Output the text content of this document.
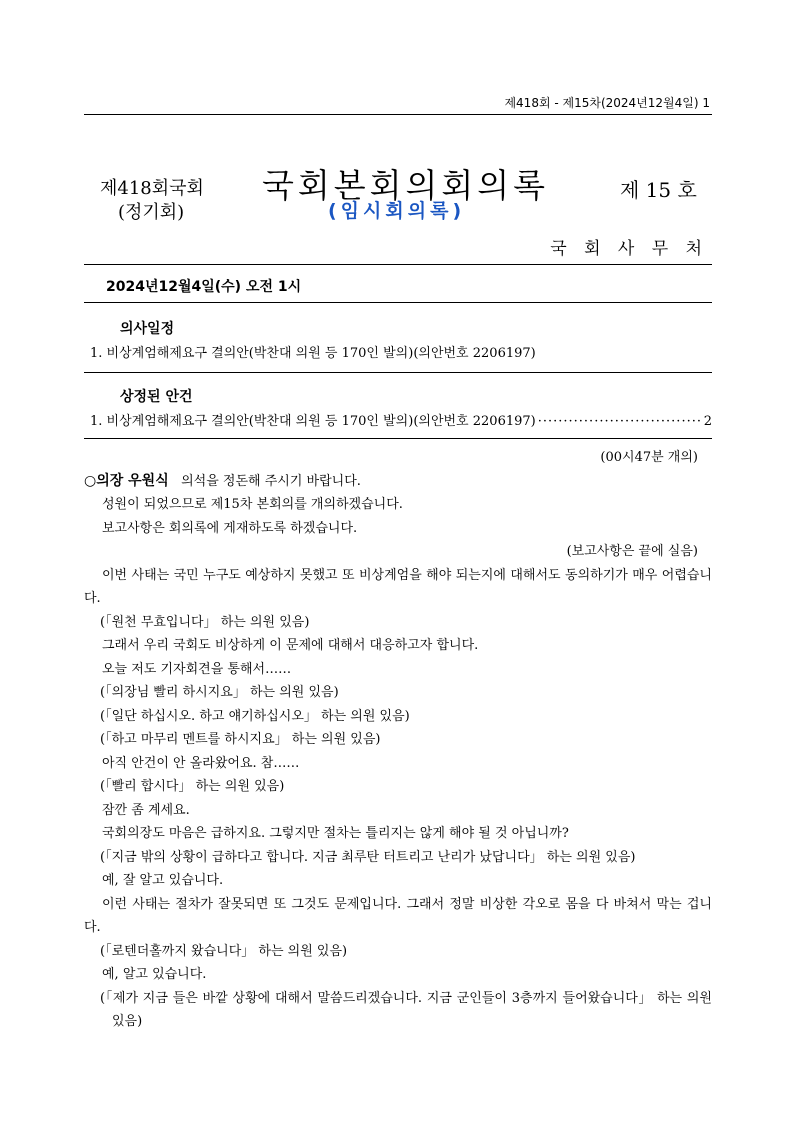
제418회 - 제15차(2024년12월4일) 1
제418회국회
(정기회)
국회본회의회의록
(임시회의록)
제 15 호
국 회 사 무 처
2024년12월4일(수) 오전 1시
의사일정
1. 비상계엄해제요구 결의안(박찬대 의원 등 170인 발의)(의안번호 2206197)
상정된 안건
1. 비상계엄해제요구 결의안(박찬대 의원 등 170인 발의)(의안번호 2206197)
·····	2

(00시47분 개의)

○의장 우원식 의석을 정돈해 주시기 바랍니다.

성원이 되었으므로 제15차 본회의를 개의하겠습니다.

보고사항은 회의록에 게재하도록 하겠습니다.

(보고사항은 끝에 실음)

이번 사태는 국민 누구도 예상하지 못했고 또 비상계엄을 해야 되는지에 대해서도 동의하기가 매우 어렵습니다.

(「원천 무효입니다」 하는 의원 있음)

그래서 우리 국회도 비상하게 이 문제에 대해서 대응하고자 합니다.

오늘 저도 기자회견을 통해서……

(「의장님 빨리 하시지요」 하는 의원 있음)

(「일단 하십시오. 하고 얘기하십시오」 하는 의원 있음)

(「하고 마무리 멘트를 하시지요」 하는 의원 있음)

아직 안건이 안 올라왔어요. 참……

(「빨리 합시다」 하는 의원 있음)

잠깐 좀 계세요.

국회의장도 마음은 급하지요. 그렇지만 절차는 틀리지는 않게 해야 될 것 아닙니까?

(「지금 밖의 상황이 급하다고 합니다. 지금 최루탄 터트리고 난리가 났답니다」 하는 의원 있음)

예, 잘 알고 있습니다.

이런 사태는 절차가 잘못되면 또 그것도 문제입니다. 그래서 정말 비상한 각오로 몸을 다 바쳐서 막는 겁니다.

(「로텐더홀까지 왔습니다」 하는 의원 있음)

예, 알고 있습니다.

(「제가 지금 들은 바깥 상황에 대해서 말씀드리겠습니다. 지금 군인들이 3층까지 들어왔습니다」 하는 의원 있음)
